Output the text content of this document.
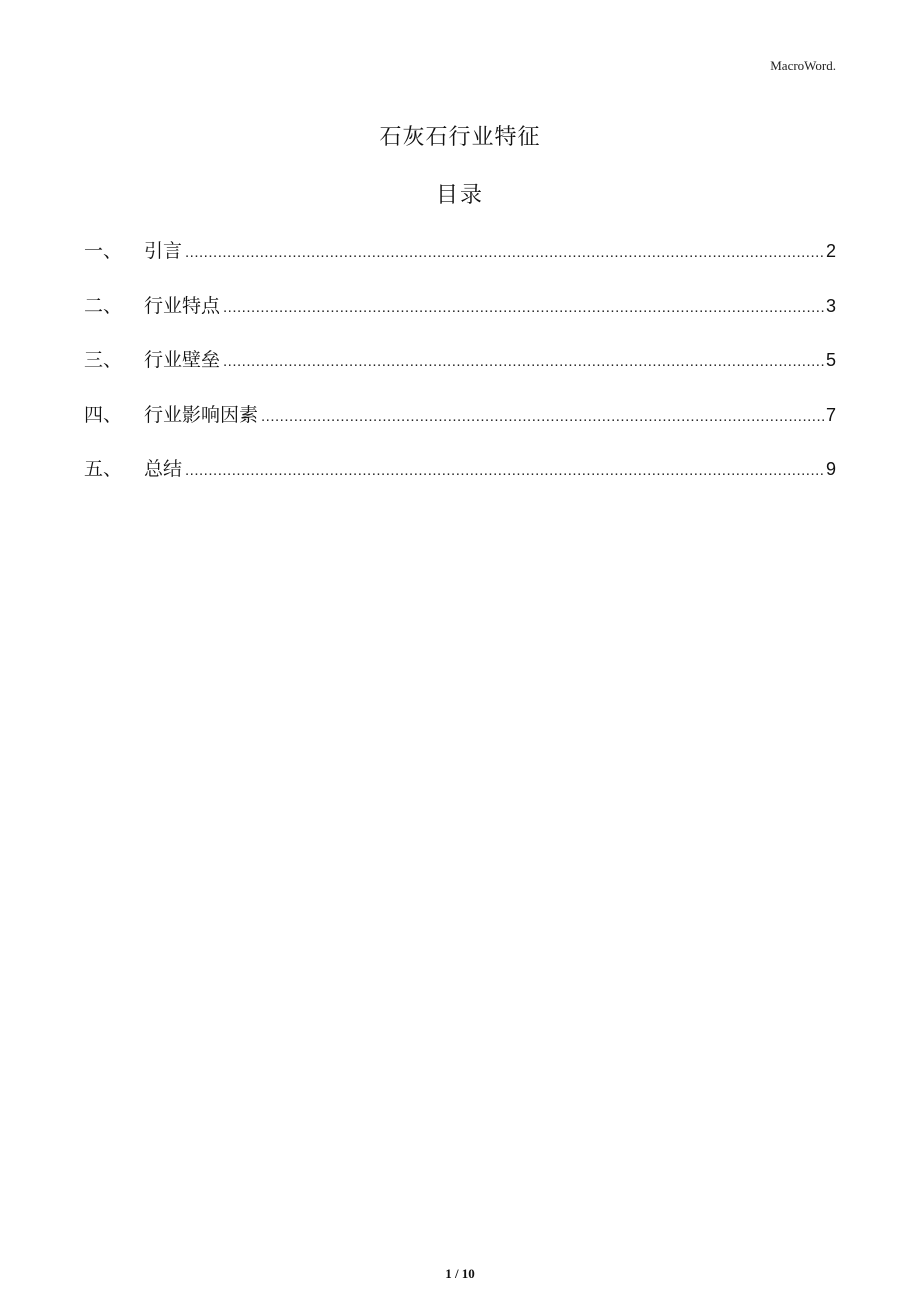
MacroWord.
石灰石行业特征
目录
一、	引言 .....	2
二、	行业特点 .....	3
三、	行业壁垒 .....	5
四、	行业影响因素 .....	7
五、	总结 .....	9
1 / 10
